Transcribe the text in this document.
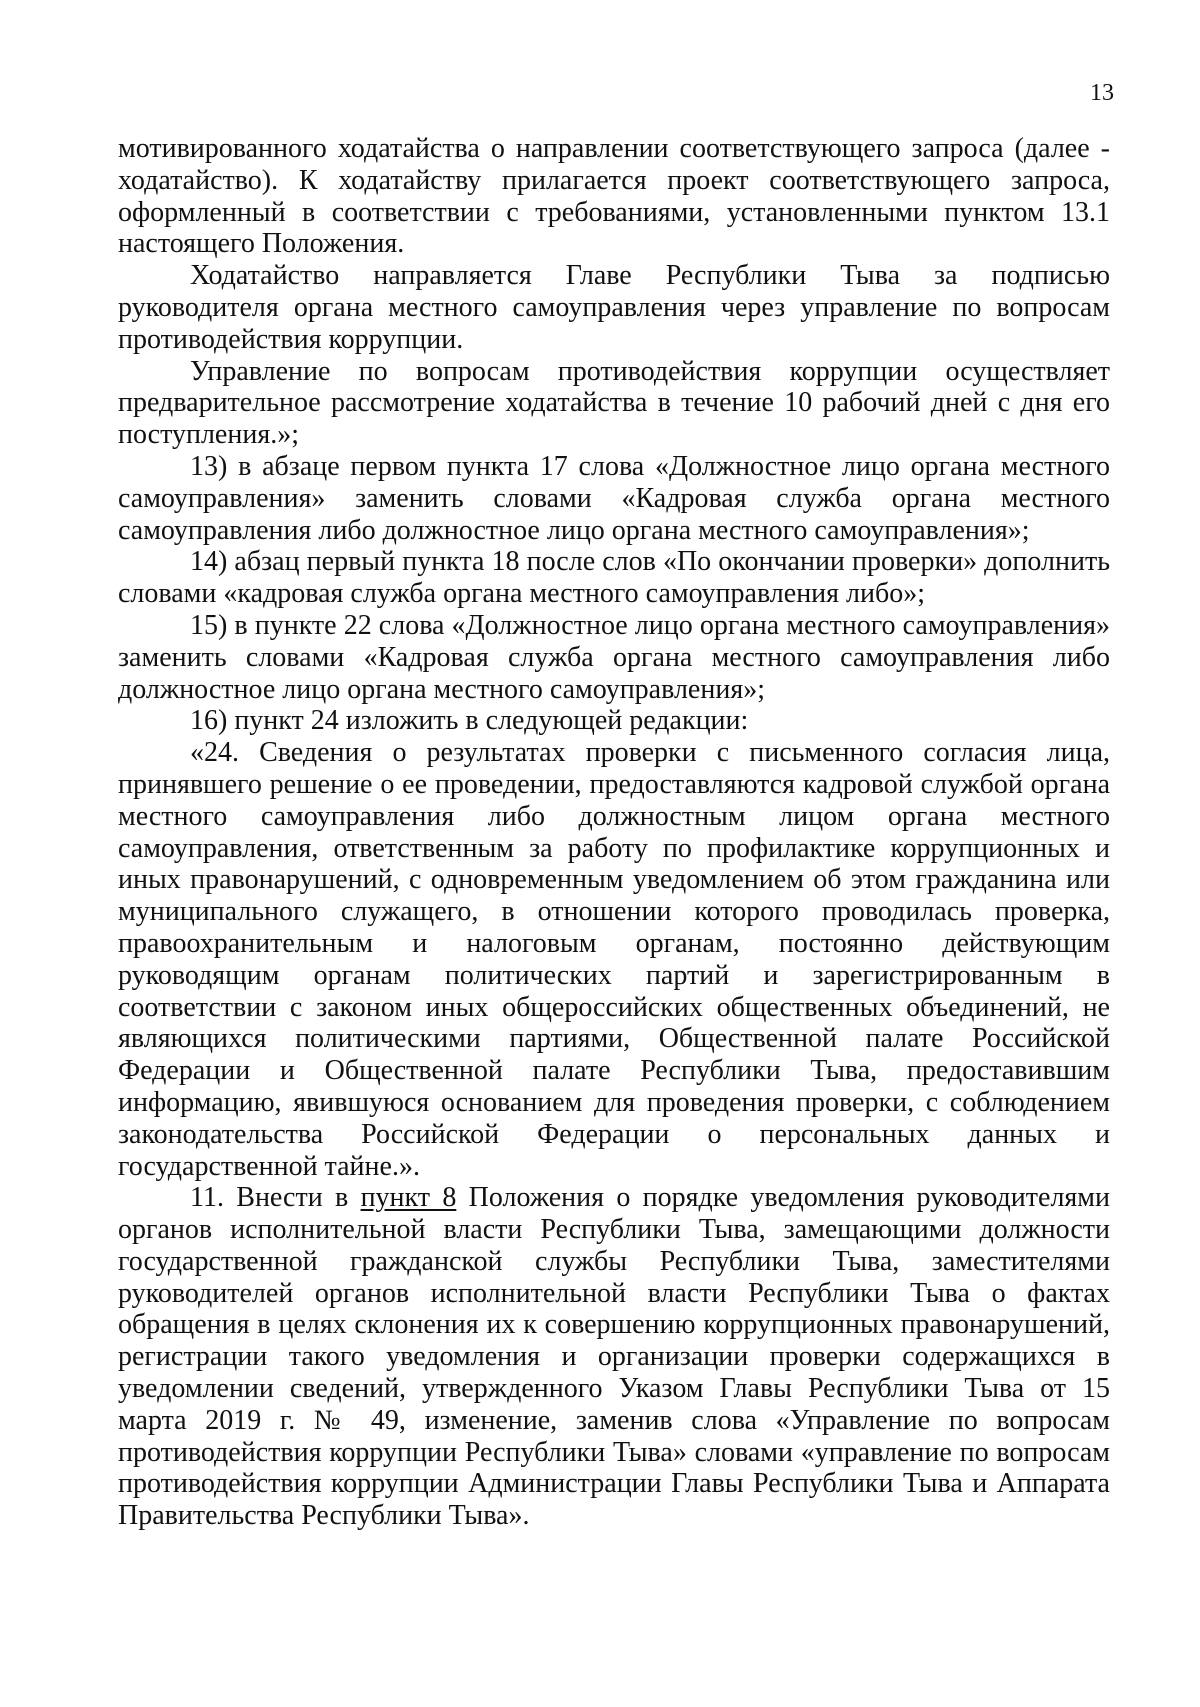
13

мотивированного ходатайства о направлении соответствующего запроса (далее - ходатайство). К ходатайству прилагается проект соответствующего запроса, оформленный в соответствии с требованиями, установленными пунктом 13.1 настоящего Положения.

Ходатайство направляется Главе Республики Тыва за подписью руководителя органа местного самоуправления через управление по вопросам противодействия коррупции.

Управление по вопросам противодействия коррупции осуществляет предварительное рассмотрение ходатайства в течение 10 рабочий дней с дня его поступления.»;

13) в абзаце первом пункта 17 слова «Должностное лицо органа местного самоуправления» заменить словами «Кадровая служба органа местного самоуправления либо должностное лицо органа местного самоуправления»;

14) абзац первый пункта 18 после слов «По окончании проверки» дополнить словами «кадровая служба органа местного самоуправления либо»;

15) в пункте 22 слова «Должностное лицо органа местного самоуправления» заменить словами «Кадровая служба органа местного самоуправления либо должностное лицо органа местного самоуправления»;

16) пункт 24 изложить в следующей редакции:

«24. Сведения о результатах проверки с письменного согласия лица, принявшего решение о ее проведении, предоставляются кадровой службой органа местного самоуправления либо должностным лицом органа местного самоуправления, ответственным за работу по профилактике коррупционных и иных правонарушений, с одновременным уведомлением об этом гражданина или муниципального служащего, в отношении которого проводилась проверка, правоохранительным и налоговым органам, постоянно действующим руководящим органам политических партий и зарегистрированным в соответствии с законом иных общероссийских общественных объединений, не являющихся политическими партиями, Общественной палате Российской Федерации и Общественной палате Республики Тыва, предоставившим информацию, явившуюся основанием для проведения проверки, с соблюдением законодательства Российской Федерации о персональных данных и государственной тайне.».

11. Внести в пункт 8 Положения о порядке уведомления руководителями органов исполнительной власти Республики Тыва, замещающими должности государственной гражданской службы Республики Тыва, заместителями руководителей органов исполнительной власти Республики Тыва о фактах обращения в целях склонения их к совершению коррупционных правонарушений, регистрации такого уведомления и организации проверки содержащихся в уведомлении сведений, утвержденного Указом Главы Республики Тыва от 15 марта 2019 г. № 49, изменение, заменив слова «Управление по вопросам противодействия коррупции Республики Тыва» словами «управление по вопросам противодействия коррупции Администрации Главы Республики Тыва и Аппарата Правительства Республики Тыва».
